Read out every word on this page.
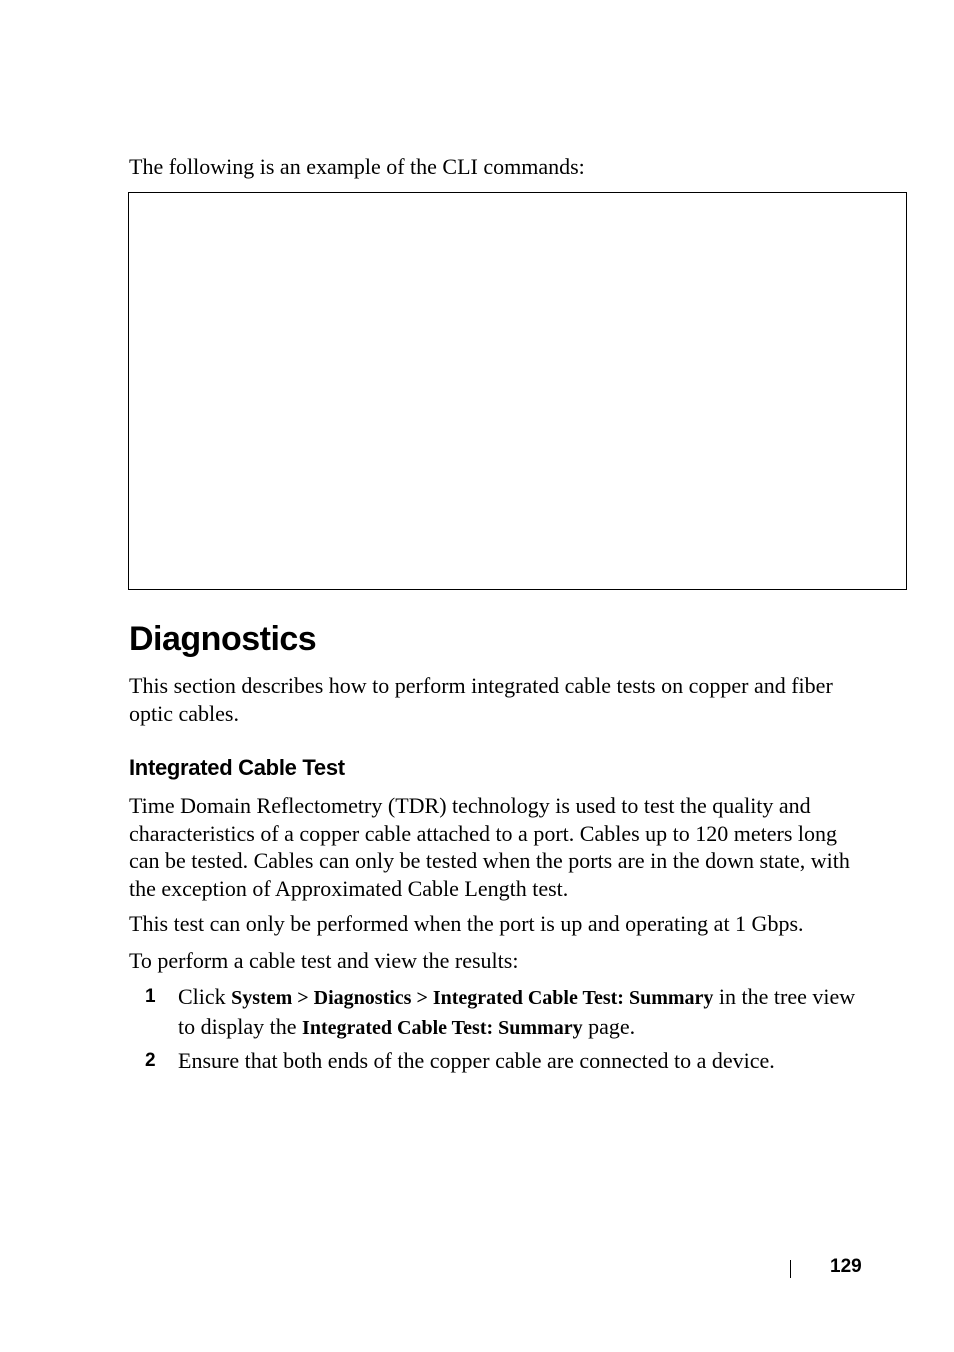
The following is an example of the CLI commands:

Diagnostics

This section describes how to perform integrated cable tests on copper and fiber optic cables.

Integrated Cable Test

Time Domain Reflectometry (TDR) technology is used to test the quality and characteristics of a copper cable attached to a port. Cables up to 120 meters long can be tested. Cables can only be tested when the ports are in the down state, with the exception of Approximated Cable Length test.

This test can only be performed when the port is up and operating at 1 Gbps.

To perform a cable test and view the results:

1 Click System > Diagnostics > Integrated Cable Test: Summary in the tree view to display the Integrated Cable Test: Summary page.
2 Ensure that both ends of the copper cable are connected to a device.
129
